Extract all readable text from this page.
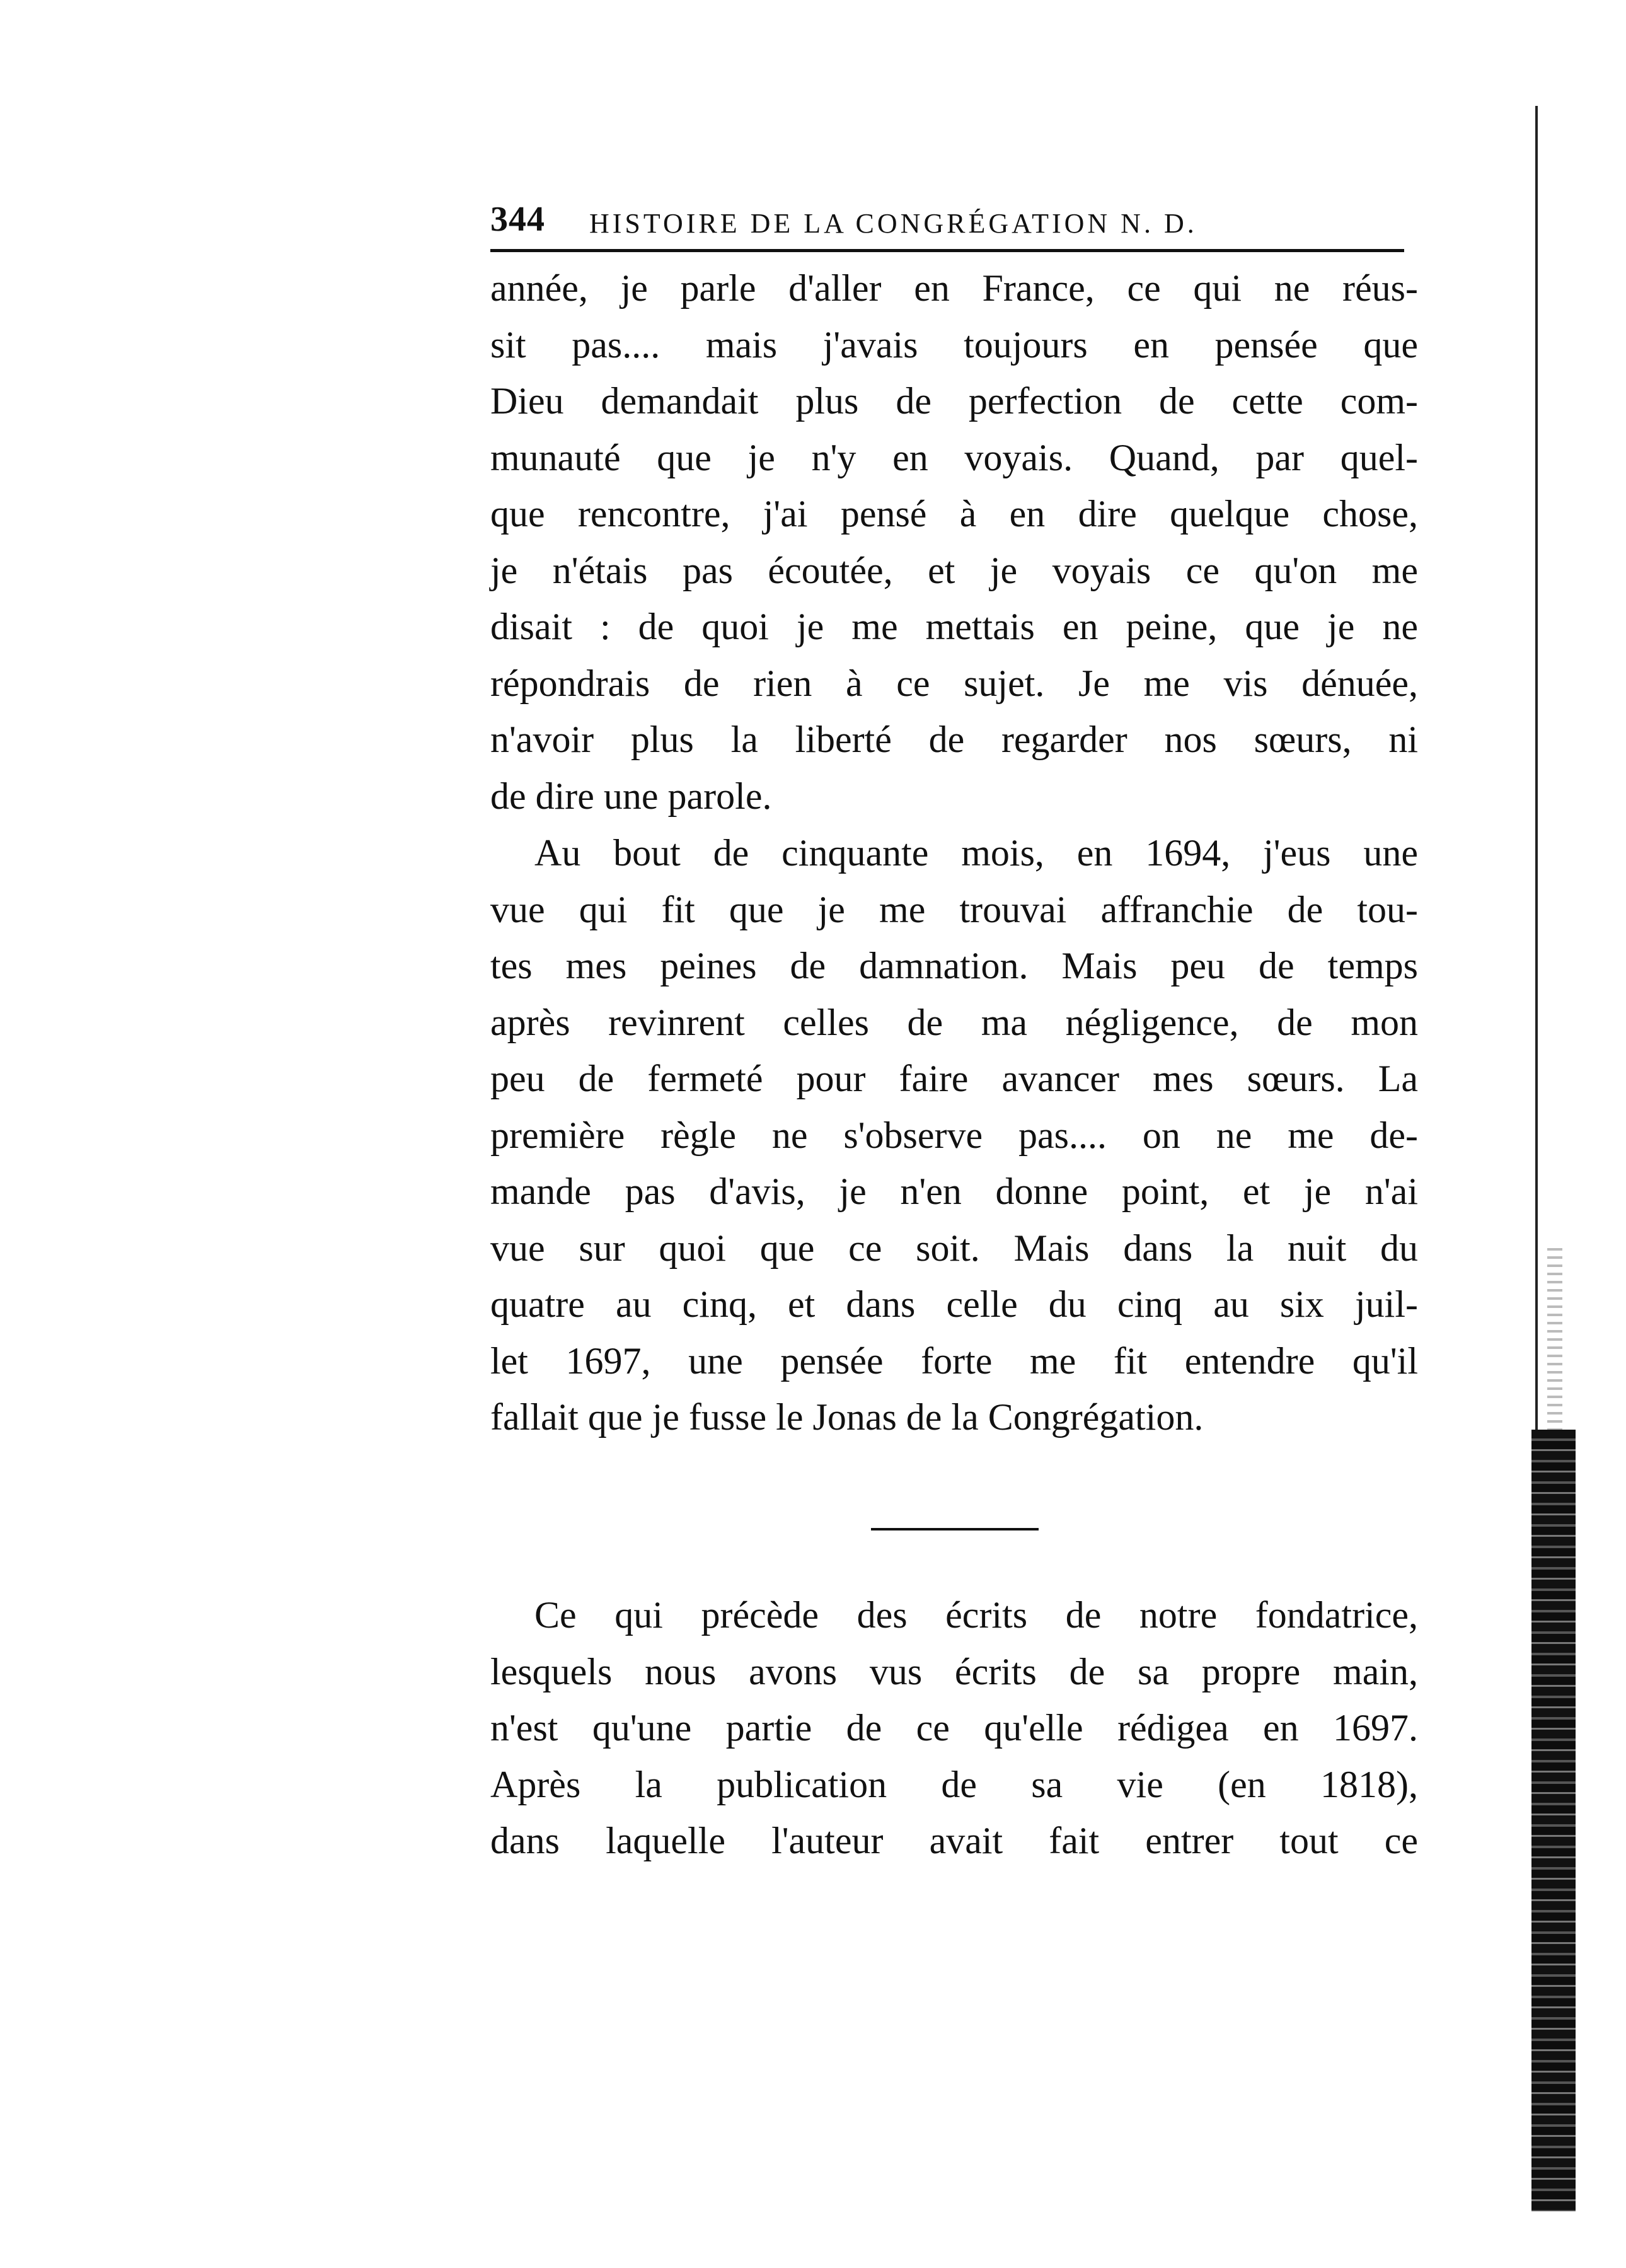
344 HISTOIRE DE LA CONGRÉGATION N. D.
année, je parle d'aller en France, ce qui ne réus-
sit pas.... mais j'avais toujours en pensée que
Dieu demandait plus de perfection de cette com-
munauté que je n'y en voyais. Quand, par quel-
que rencontre, j'ai pensé à en dire quelque chose,
je n'étais pas écoutée, et je voyais ce qu'on me
disait : de quoi je me mettais en peine, que je ne
répondrais de rien à ce sujet. Je me vis dénuée,
n'avoir plus la liberté de regarder nos sœurs, ni
de dire une parole.
Au bout de cinquante mois, en 1694, j'eus une
vue qui fit que je me trouvai affranchie de tou-
tes mes peines de damnation. Mais peu de temps
après revinrent celles de ma négligence, de mon
peu de fermeté pour faire avancer mes sœurs. La
première règle ne s'observe pas.... on ne me de-
mande pas d'avis, je n'en donne point, et je n'ai
vue sur quoi que ce soit. Mais dans la nuit du
quatre au cinq, et dans celle du cinq au six juil-
let 1697, une pensée forte me fit entendre qu'il
fallait que je fusse le Jonas de la Congrégation.
Ce qui précède des écrits de notre fondatrice,
lesquels nous avons vus écrits de sa propre main,
n'est qu'une partie de ce qu'elle rédigea en 1697.
Après la publication de sa vie (en 1818),
dans laquelle l'auteur avait fait entrer tout ce
